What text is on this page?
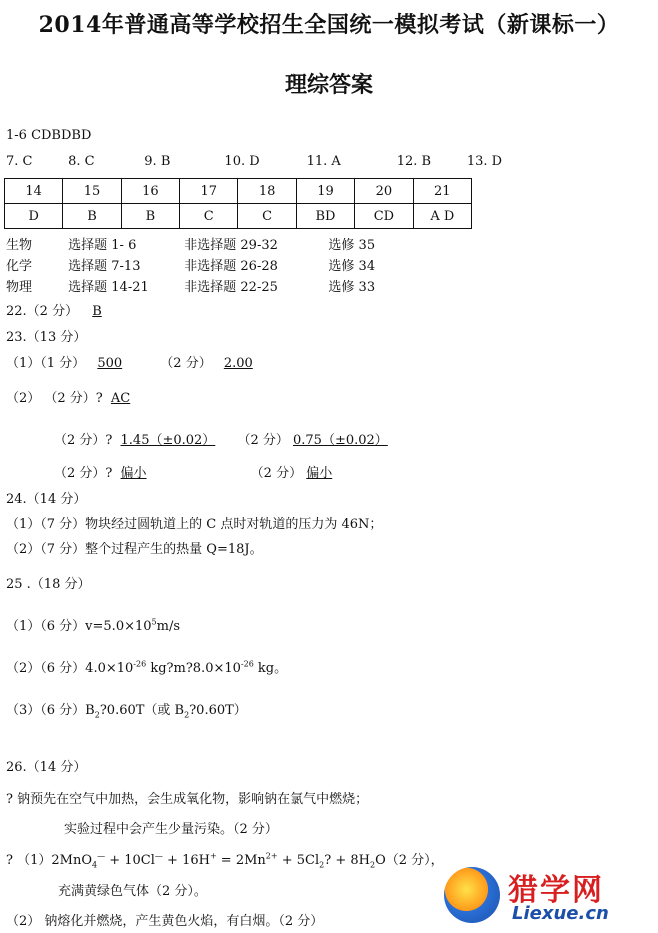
2014年普通高等学校招生全国统一模拟考试（新课标一）
理综答案
1-6 CDBDBD
7. C	8. C	9. B	10. D	11. A	12. B	13. D
14	15	16	17	18	19	20	21
D	B	B	C	C	BD	CD	A D
生物	选择题 1- 6	非选择题 29-32	选修 35
化学	选择题 7-13	非选择题 26-28	选修 34
物理	选择题 14-21	非选择题 22-25	选修 33
22.（2 分） B
23.（13 分）
（1）（1 分） 500	（2 分） 2.00
（2） （2 分）? AC
（2 分）? 1.45（±0.02） （2 分） 0.75（±0.02）
（2 分）? 偏小	（2 分） 偏小
24.（14 分）
（1）（7 分）物块经过圆轨道上的 C 点时对轨道的压力为 46N；
（2）（7 分）整个过程产生的热量 Q=18J。
25 .（18 分）
（1）（6 分）$v=5.0\times 10^5m/s$
（2）（6 分）$4.0\times 10^{-26}$ $kg?m?8.0\times 10^{-26}$ kg。
（3）（6 分）$B_2?0.60T$（或 $B_2?0.60T$）
26.（14 分）
? 钠预先在空气中加热，会生成氧化物，影响钠在氯气中燃烧；
实验过程中会产生少量污染。（2 分）
? $(1)2MnO_4^— + 10Cl^— + 16H^+ = 2Mn^{2+} + 5Cl_2$? + $8H_2O(2$ 分），
充满黄绿色气体（2 分）。
（2） 钠熔化并燃烧，产生黄色火焰，有白烟。（2 分）
猎学网
Liexue.cn
